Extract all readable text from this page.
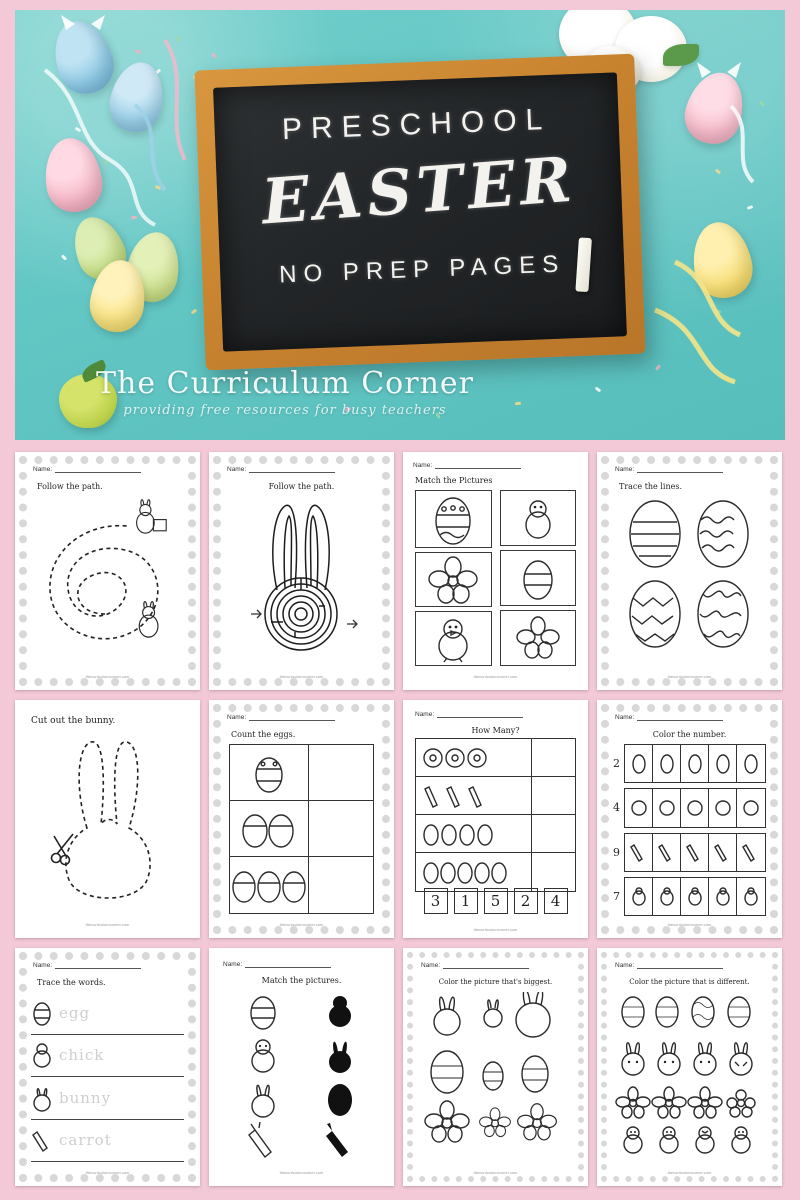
PRESCHOOL
EASTER
NO PREP PAGES
The Curriculum Corner
providing free resources for busy teachers
Name:
Follow the path.
thecurriculumcorner.com
Name:
Follow the path.
thecurriculumcorner.com
Name:
Match the Pictures
thecurriculumcorner.com
Name:
Trace the lines.
thecurriculumcorner.com
Cut out the bunny.
thecurriculumcorner.com
Name:
Count the eggs.
thecurriculumcorner.com
Name:
How Many?
3	1	5	2	4
thecurriculumcorner.com
Name:
Color the number.
2
4
9
7
thecurriculumcorner.com
Name:
Trace the words.
egg
chick
bunny
carrot
thecurriculumcorner.com
Name:
Match the pictures.
thecurriculumcorner.com
Name:
Color the picture that's biggest.
thecurriculumcorner.com
Name:
Color the picture that is different.
thecurriculumcorner.com
